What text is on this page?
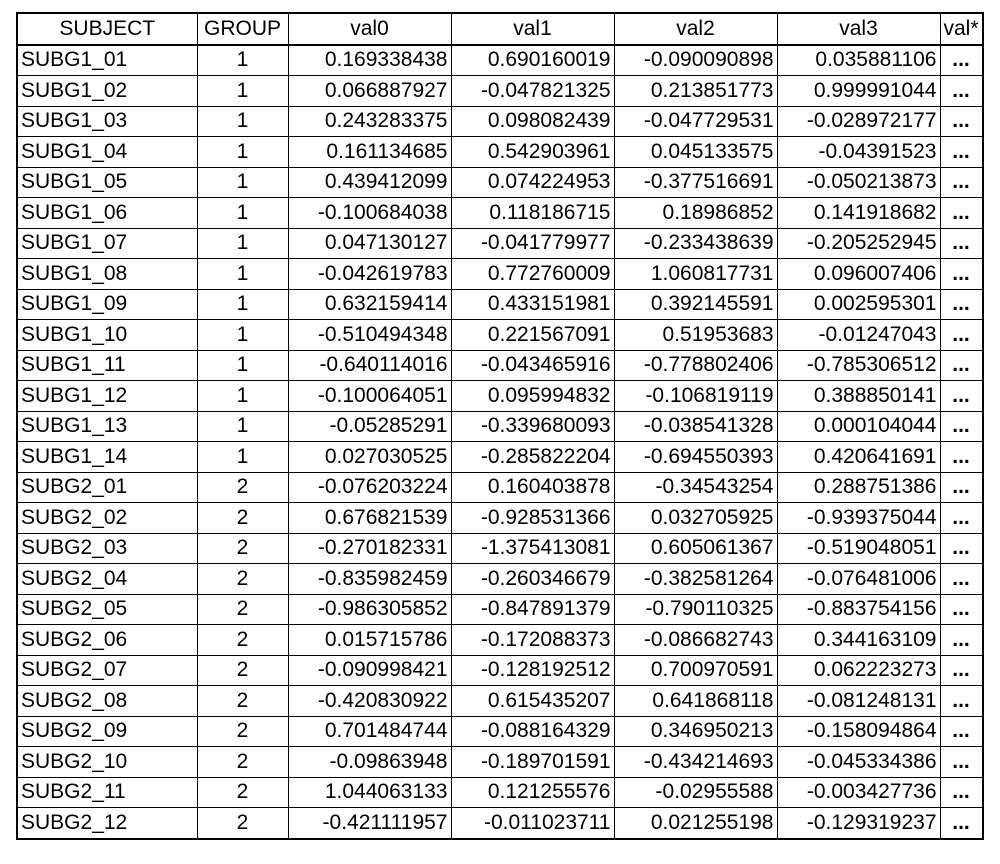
SUBJECT	GROUP	val0	val1	val2	val3	val*
SUBG1_01	1	0.169338438	0.690160019	-0.090090898	0.035881106	...
SUBG1_02	1	0.066887927	-0.047821325	0.213851773	0.999991044	...
SUBG1_03	1	0.243283375	0.098082439	-0.047729531	-0.028972177	...
SUBG1_04	1	0.161134685	0.542903961	0.045133575	-0.04391523	...
SUBG1_05	1	0.439412099	0.074224953	-0.377516691	-0.050213873	...
SUBG1_06	1	-0.100684038	0.118186715	0.18986852	0.141918682	...
SUBG1_07	1	0.047130127	-0.041779977	-0.233438639	-0.205252945	...
SUBG1_08	1	-0.042619783	0.772760009	1.060817731	0.096007406	...
SUBG1_09	1	0.632159414	0.433151981	0.392145591	0.002595301	...
SUBG1_10	1	-0.510494348	0.221567091	0.51953683	-0.01247043	...
SUBG1_11	1	-0.640114016	-0.043465916	-0.778802406	-0.785306512	...
SUBG1_12	1	-0.100064051	0.095994832	-0.106819119	0.388850141	...
SUBG1_13	1	-0.05285291	-0.339680093	-0.038541328	0.000104044	...
SUBG1_14	1	0.027030525	-0.285822204	-0.694550393	0.420641691	...
SUBG2_01	2	-0.076203224	0.160403878	-0.34543254	0.288751386	...
SUBG2_02	2	0.676821539	-0.928531366	0.032705925	-0.939375044	...
SUBG2_03	2	-0.270182331	-1.375413081	0.605061367	-0.519048051	...
SUBG2_04	2	-0.835982459	-0.260346679	-0.382581264	-0.076481006	...
SUBG2_05	2	-0.986305852	-0.847891379	-0.790110325	-0.883754156	...
SUBG2_06	2	0.015715786	-0.172088373	-0.086682743	0.344163109	...
SUBG2_07	2	-0.090998421	-0.128192512	0.700970591	0.062223273	...
SUBG2_08	2	-0.420830922	0.615435207	0.641868118	-0.081248131	...
SUBG2_09	2	0.701484744	-0.088164329	0.346950213	-0.158094864	...
SUBG2_10	2	-0.09863948	-0.189701591	-0.434214693	-0.045334386	...
SUBG2_11	2	1.044063133	0.121255576	-0.02955588	-0.003427736	...
SUBG2_12	2	-0.421111957	-0.011023711	0.021255198	-0.129319237	...
